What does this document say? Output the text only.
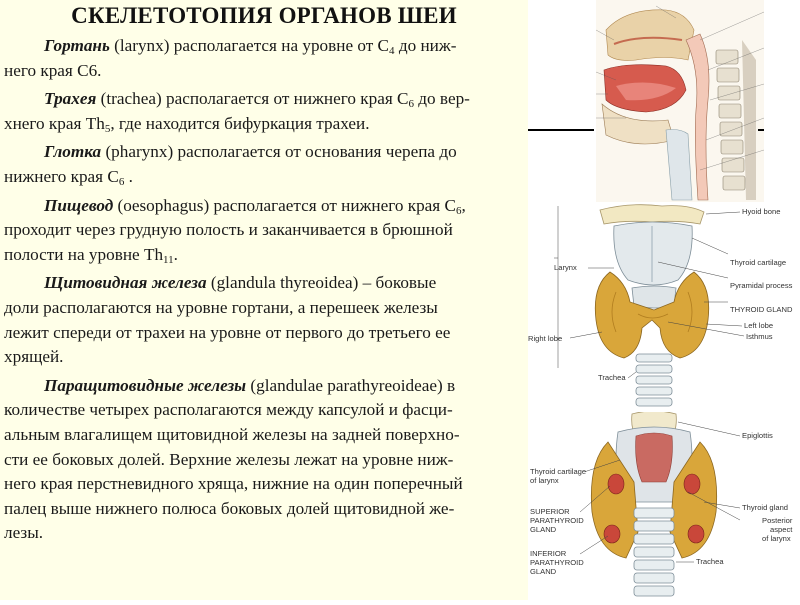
СКЕЛЕТОТОПИЯ ОРГАНОВ ШЕИ
Гортань (larynx) располагается на уровне от $С_4$ до ниж-
него края С6.
Трахея (trachea) располагается от нижнего края $С_6$ до вер-
хнего края $Th_5$, где находится бифуркация трахеи.
Глотка (pharynx) располагается от основания черепа до
нижнего края $С_6$ .
Пищевод (oesophagus) располагается от нижнего края $С_6$,
проходит через грудную полость и заканчивается в брюшной
полости на уровне $Th_{11}$.
Щитовидная железа (glandula thyreoidea) – боковые
доли располагаются на уровне гортани, а перешеек железы
лежит спереди от трахеи на уровне от первого до третьего ее
хрящей.
Паращитовидные железы (glandulae parathyreoideae) в
количестве четырех располагаются между капсулой и фасци-
альным влагалищем щитовидной железы на задней поверхно-
сти ее боковых долей. Верхние железы лежат на уровне ниж-
него края перстневидного хряща, нижние на один поперечный
палец выше нижнего полюса боковых долей щитовидной же-
лезы.
Hyoid bone
Larynx
Thyroid cartilage
Pyramidal process
THYROID GLAND
Left lobe
Isthmus
Right lobe
Trachea
Epiglottis
Thyroid cartilage
of larynx
Thyroid gland
Posterior
aspect
of larynx
SUPERIOR
PARATHYROID
GLAND
INFERIOR
PARATHYROID
GLAND
Trachea
